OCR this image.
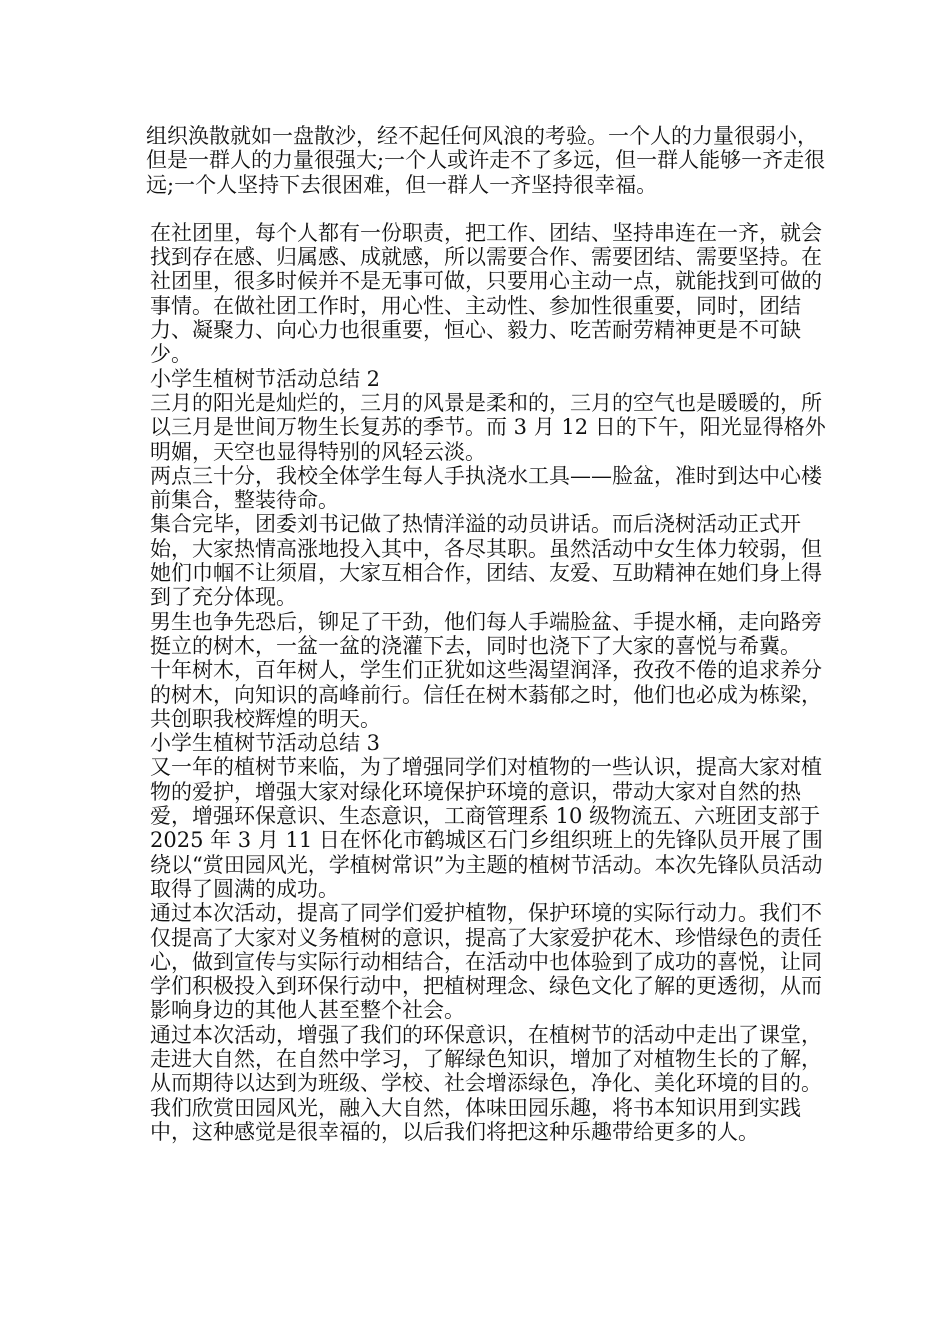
组织涣散就如一盘散沙，经不起任何风浪的考验。一个人的力量很弱小，但是一群人的力量很强大;一个人或许走不了多远，但一群人能够一齐走很远;一个人坚持下去很困难，但一群人一齐坚持很幸福。

在社团里，每个人都有一份职责，把工作、团结、坚持串连在一齐，就会找到存在感、归属感、成就感，所以需要合作、需要团结、需要坚持。在社团里，很多时候并不是无事可做，只要用心主动一点，就能找到可做的事情。在做社团工作时，用心性、主动性、参加性很重要，同时，团结力、凝聚力、向心力也很重要，恒心、毅力、吃苦耐劳精神更是不可缺少。

小学生植树节活动总结 2

三月的阳光是灿烂的，三月的风景是柔和的，三月的空气也是暖暖的，所以三月是世间万物生长复苏的季节。而 3 月 12 日的下午，阳光显得格外明媚，天空也显得特别的风轻云淡。

两点三十分，我校全体学生每人手执浇水工具——脸盆，准时到达中心楼前集合，整装待命。

集合完毕，团委刘书记做了热情洋溢的动员讲话。而后浇树活动正式开始，大家热情高涨地投入其中，各尽其职。虽然活动中女生体力较弱，但她们巾帼不让须眉，大家互相合作，团结、友爱、互助精神在她们身上得到了充分体现。

男生也争先恐后，铆足了干劲，他们每人手端脸盆、手提水桶，走向路旁挺立的树木，一盆一盆的浇灌下去，同时也浇下了大家的喜悦与希冀。

十年树木，百年树人，学生们正犹如这些渴望润泽，孜孜不倦的追求养分的树木，向知识的高峰前行。信任在树木蓊郁之时，他们也必成为栋梁，共创职我校辉煌的明天。

小学生植树节活动总结 3

又一年的植树节来临，为了增强同学们对植物的一些认识，提高大家对植物的爱护，增强大家对绿化环境保护环境的意识，带动大家对自然的热爱，增强环保意识、生态意识，工商管理系 10 级物流五、六班团支部于 2025 年 3 月 11 日在怀化市鹤城区石门乡组织班上的先锋队员开展了围绕以“赏田园风光，学植树常识”为主题的植树节活动。本次先锋队员活动取得了圆满的成功。

通过本次活动，提高了同学们爱护植物，保护环境的实际行动力。我们不仅提高了大家对义务植树的意识，提高了大家爱护花木、珍惜绿色的责任心，做到宣传与实际行动相结合，在活动中也体验到了成功的喜悦，让同学们积极投入到环保行动中，把植树理念、绿色文化了解的更透彻，从而影响身边的其他人甚至整个社会。

通过本次活动，增强了我们的环保意识，在植树节的活动中走出了课堂，走进大自然，在自然中学习，了解绿色知识，增加了对植物生长的了解，从而期待以达到为班级、学校、社会增添绿色，净化、美化环境的目的。我们欣赏田园风光，融入大自然，体味田园乐趣，将书本知识用到实践中，这种感觉是很幸福的，以后我们将把这种乐趣带给更多的人。
